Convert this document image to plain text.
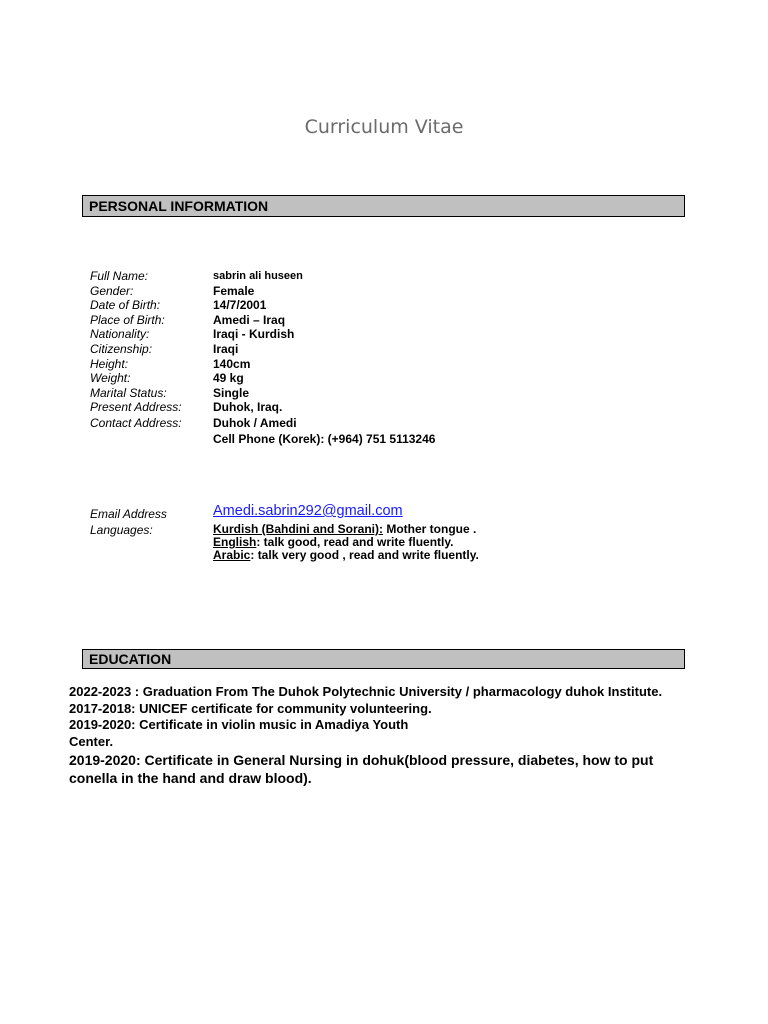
Curriculum Vitae
PERSONAL INFORMATION
Full Name:	sabrin ali huseen
Gender:	Female
Date of Birth:	14/7/2001
Place of Birth:	Amedi – Iraq
Nationality:	Iraqi - Kurdish
Citizenship:	Iraqi
Height:	140cm
Weight:	49 kg
Marital Status:	Single
Present Address:	Duhok, Iraq.
Contact Address:	Duhok / Amedi
Cell Phone (Korek): (+964) 751 5113246
Email Address	Amedi.sabrin292@gmail.com
Languages:	Kurdish (Bahdini and Sorani): Mother tongue .
English: talk good, read and write fluently.
Arabic: talk very good , read and write fluently.
EDUCATION

2022-2023 : Graduation From The Duhok Polytechnic University / pharmacology duhok Institute.

2017-2018: UNICEF certificate for community volunteering.

2019-2020: Certificate in violin music in Amadiya Youth Center.

2019-2020: Certificate in General Nursing in dohuk(blood pressure, diabetes, how to put conella in the hand and draw blood).
